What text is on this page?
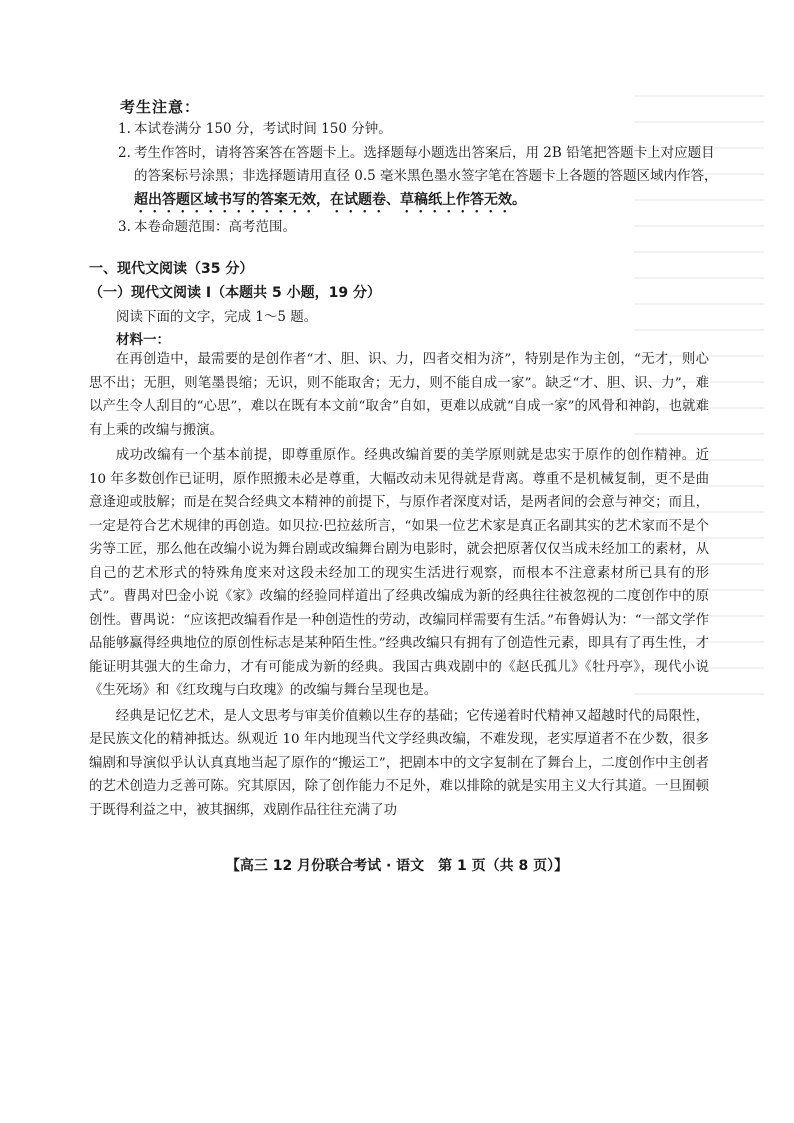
考生注意：
1. 本试卷满分 150 分，考试时间 150 分钟。
2. 考生作答时，请将答案答在答题卡上。选择题每小题选出答案后，用 2B 铅笔把答题卡上对应题目的答案标号涂黑；非选择题请用直径 0.5 毫米黑色墨水签字笔在答题卡上各题的答题区域内作答，超出答题区域书写的答案无效，在试题卷、草稿纸上作答无效。
3. 本卷命题范围：高考范围。
一、现代文阅读（35 分）
（一）现代文阅读 Ⅰ（本题共 5 小题，19 分）
阅读下面的文字，完成 1～5 题。
材料一：

在再创造中，最需要的是创作者“才、胆、识、力，四者交相为济”，特别是作为主创，“无才，则心思不出；无胆，则笔墨畏缩；无识，则不能取舍；无力，则不能自成一家”。缺乏“才、胆、识、力”，难以产生令人刮目的“心思”，难以在既有本文前“取舍”自如，更难以成就“自成一家”的风骨和神韵，也就难有上乘的改编与搬演。

成功改编有一个基本前提，即尊重原作。经典改编首要的美学原则就是忠实于原作的创作精神。近 10 年多数创作已证明，原作照搬未必是尊重，大幅改动未见得就是背离。尊重不是机械复制，更不是曲意逢迎或肢解；而是在契合经典文本精神的前提下，与原作者深度对话，是两者间的会意与神交；而且，一定是符合艺术规律的再创造。如贝拉·巴拉兹所言，“如果一位艺术家是真正名副其实的艺术家而不是个劣等工匠，那么他在改编小说为舞台剧或改编舞台剧为电影时，就会把原著仅仅当成未经加工的素材，从自己的艺术形式的特殊角度来对这段未经加工的现实生活进行观察，而根本不注意素材所已具有的形式”。曹禺对巴金小说《家》改编的经验同样道出了经典改编成为新的经典往往被忽视的二度创作中的原创性。曹禺说：“应该把改编看作是一种创造性的劳动，改编同样需要有生活。”布鲁姆认为：“一部文学作品能够赢得经典地位的原创性标志是某种陌生性。”经典改编只有拥有了创造性元素，即具有了再生性，才能证明其强大的生命力，才有可能成为新的经典。我国古典戏剧中的《赵氏孤儿》《牡丹亭》，现代小说《生死场》和《红玫瑰与白玫瑰》的改编与舞台呈现也是。

经典是记忆艺术，是人文思考与审美价值赖以生存的基础；它传递着时代精神又超越时代的局限性，是民族文化的精神抵达。纵观近 10 年内地现当代文学经典改编，不难发现，老实厚道者不在少数，很多编剧和导演似乎认认真真地当起了原作的“搬运工”，把剧本中的文字复制在了舞台上，二度创作中主创者的艺术创造力乏善可陈。究其原因，除了创作能力不足外，难以排除的就是实用主义大行其道。一旦囿顿于既得利益之中，被其捆绑，戏剧作品往往充满了功

【高三 12 月份联合考试 · 语文　第 1 页（共 8 页）】
